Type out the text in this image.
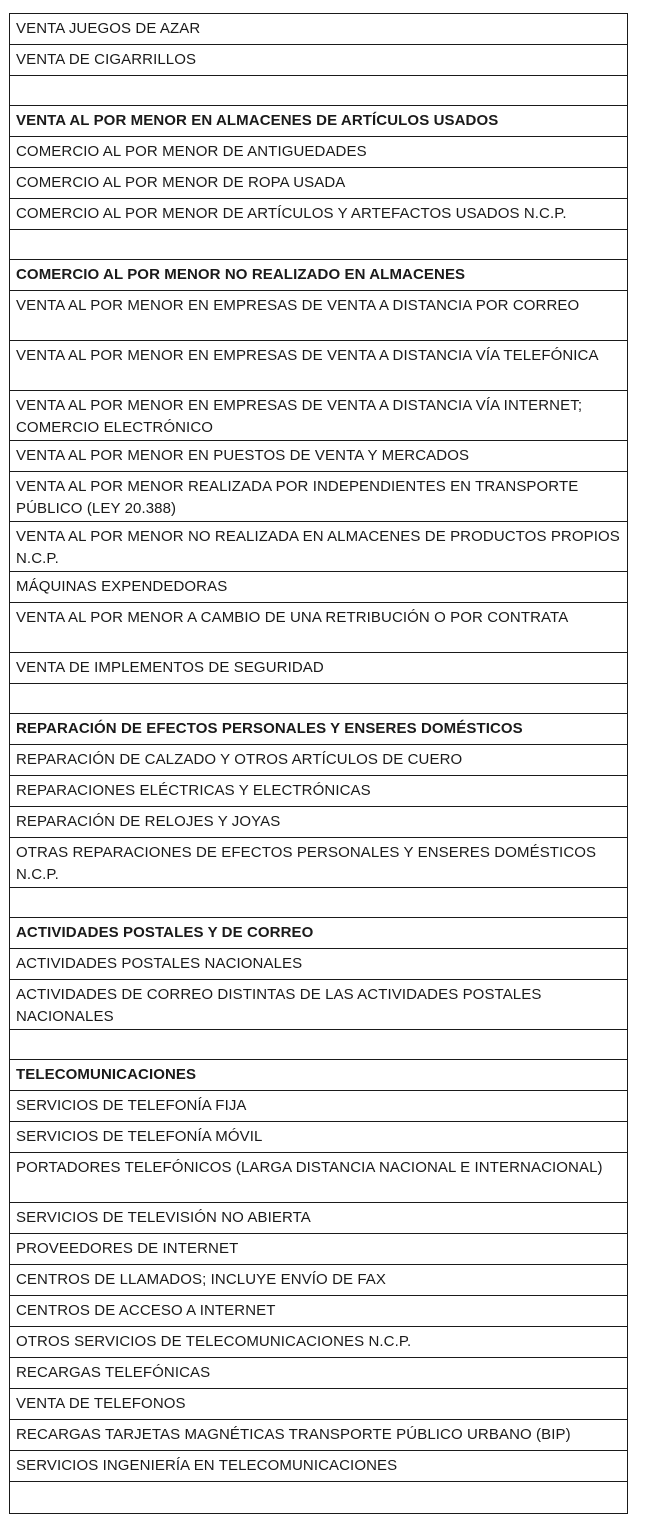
VENTA JUEGOS DE AZAR
VENTA DE CIGARRILLOS
VENTA AL POR MENOR EN ALMACENES DE ARTÍCULOS USADOS
COMERCIO AL POR MENOR DE ANTIGUEDADES
COMERCIO AL POR MENOR DE ROPA USADA
COMERCIO AL POR MENOR DE ARTÍCULOS Y ARTEFACTOS USADOS N.C.P.
COMERCIO AL POR MENOR NO REALIZADO EN ALMACENES
VENTA AL POR MENOR EN EMPRESAS DE VENTA A DISTANCIA POR CORREO
VENTA AL POR MENOR EN EMPRESAS DE VENTA A DISTANCIA VÍA TELEFÓNICA
VENTA AL POR MENOR EN EMPRESAS DE VENTA A DISTANCIA VÍA INTERNET; COMERCIO ELECTRÓNICO
VENTA AL POR MENOR EN PUESTOS DE VENTA Y MERCADOS
VENTA AL POR MENOR REALIZADA POR INDEPENDIENTES EN TRANSPORTE PÚBLICO (LEY 20.388)
VENTA AL POR MENOR NO REALIZADA EN ALMACENES DE PRODUCTOS PROPIOS N.C.P.
MÁQUINAS EXPENDEDORAS
VENTA AL POR MENOR A CAMBIO DE UNA RETRIBUCIÓN O POR CONTRATA
VENTA DE IMPLEMENTOS DE SEGURIDAD
REPARACIÓN DE EFECTOS PERSONALES Y ENSERES DOMÉSTICOS
REPARACIÓN DE CALZADO Y OTROS ARTÍCULOS DE CUERO
REPARACIONES ELÉCTRICAS Y ELECTRÓNICAS
REPARACIÓN DE RELOJES Y JOYAS
OTRAS REPARACIONES DE EFECTOS PERSONALES Y ENSERES DOMÉSTICOS N.C.P.
ACTIVIDADES POSTALES Y DE CORREO
ACTIVIDADES POSTALES NACIONALES
ACTIVIDADES DE CORREO DISTINTAS DE LAS ACTIVIDADES POSTALES NACIONALES
TELECOMUNICACIONES
SERVICIOS DE TELEFONÍA FIJA
SERVICIOS DE TELEFONÍA MÓVIL
PORTADORES TELEFÓNICOS (LARGA DISTANCIA NACIONAL E INTERNACIONAL)
SERVICIOS DE TELEVISIÓN NO ABIERTA
PROVEEDORES DE INTERNET
CENTROS DE LLAMADOS; INCLUYE ENVÍO DE FAX
CENTROS DE ACCESO A INTERNET
OTROS SERVICIOS DE TELECOMUNICACIONES N.C.P.
RECARGAS TELEFÓNICAS
VENTA DE TELEFONOS
RECARGAS TARJETAS MAGNÉTICAS TRANSPORTE PÚBLICO URBANO (BIP)
SERVICIOS INGENIERÍA EN TELECOMUNICACIONES
